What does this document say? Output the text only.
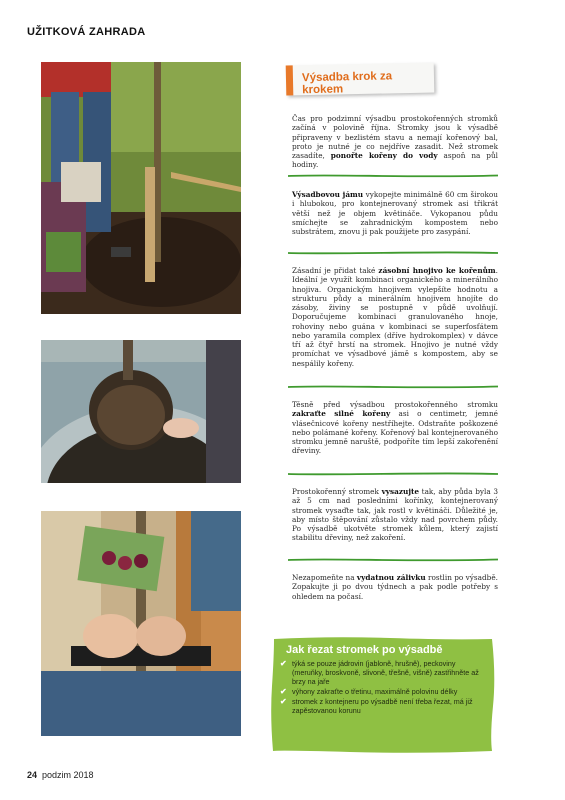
UŽITKOVÁ ZAHRADA
Výsadba krok za krokem
Čas pro podzimní výsadbu prostokořenných stromků začíná v polovině října. Stromky jsou k výsadbě připraveny v bezlistém stavu a nemají kořenový bal, proto je nutné je co nejdříve zasadit. Než stromek zasadíte, ponořte kořeny do vody aspoň na půl hodiny.
Výsadbovou jámu vykopejte minimálně 60 cm širokou i hlubokou, pro kontejnerovaný stromek asi třikrát větší než je objem květináče. Vykopanou půdu smíchejte se zahradnickým kompostem nebo substrátem, znovu ji pak použijete pro zasypání.
Zásadní je přidat také zásobní hnojivo ke kořenům. Ideální je využít kombinaci organického a minerálního hnojiva. Organickým hnojivem vylepšíte hodnotu a strukturu půdy a minerálním hnojivem hnojíte do zásoby, živiny se postupně v půdě uvolňují. Doporučujeme kombinaci granulovaného hnoje, rohoviny nebo guána v kombinaci se superfosfátem nebo yaramila complex (dříve hydrokomplex) v dávce tří až čtyř hrstí na stromek. Hnojivo je nutné vždy promíchat ve výsadbové jámě s kompostem, aby se nespálily kořeny.
Těsně před výsadbou prostokořenného stromku zakraťte silné kořeny asi o centimetr, jemné vlásečnicové kořeny nestříhejte. Odstraňte poškozené nebo polámané kořeny. Kořenový bal kontejnerovaného stromku jemně naruště, podpoříte tím lepší zakořenění dřeviny.
Prostokořenný stromek vysazujte tak, aby půda byla 3 až 5 cm nad posledními kořínky, kontejnerovaný stromek vysaďte tak, jak rostl v květináči. Důležité je, aby místo štěpování zůstalo vždy nad povrchem půdy. Po výsadbě ukotvěte stromek kůlem, který zajistí stabilitu dřeviny, než zakoření.
Nezapomeňte na vydatnou zálivku rostlin po výsadbě. Zopakujte ji po dvou týdnech a pak podle potřeby s ohledem na počasí.
Jak řezat stromek po výsadbě
✔ týká se pouze jádrovin (jabloně, hrušně), peckoviny (meruňky, broskvoně, slivoně, třešně, višně) zastřihněte až brzy na jaře
✔ výhony zakraťte o třetinu, maximálně polovinu délky
✔ stromek z kontejneru po výsadbě není třeba řezat, má již zapěstovanou korunu
24 podzim 2018
